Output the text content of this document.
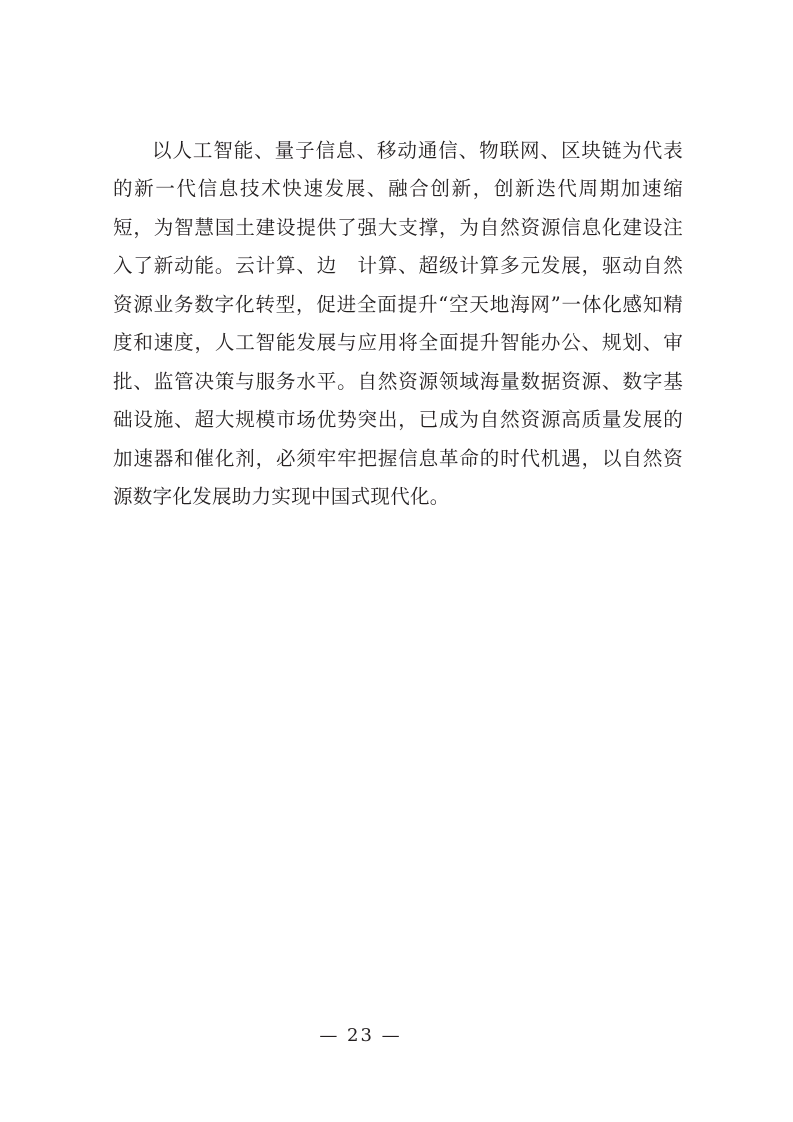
以人工智能、量子信息、移动通信、物联网、区块链为代表的新一代信息技术快速发展、融合创新，创新迭代周期加速缩短，为智慧国土建设提供了强大支撑，为自然资源信息化建设注入了新动能。云计算、边　计算、超级计算多元发展，驱动自然资源业务数字化转型，促进全面提升“空天地海网”一体化感知精度和速度，人工智能发展与应用将全面提升智能办公、规划、审批、监管决策与服务水平。自然资源领域海量数据资源、数字基础设施、超大规模市场优势突出，已成为自然资源高质量发展的加速器和催化剂，必须牢牢把握信息革命的时代机遇，以自然资源数字化发展助力实现中国式现代化。

— 23 —
